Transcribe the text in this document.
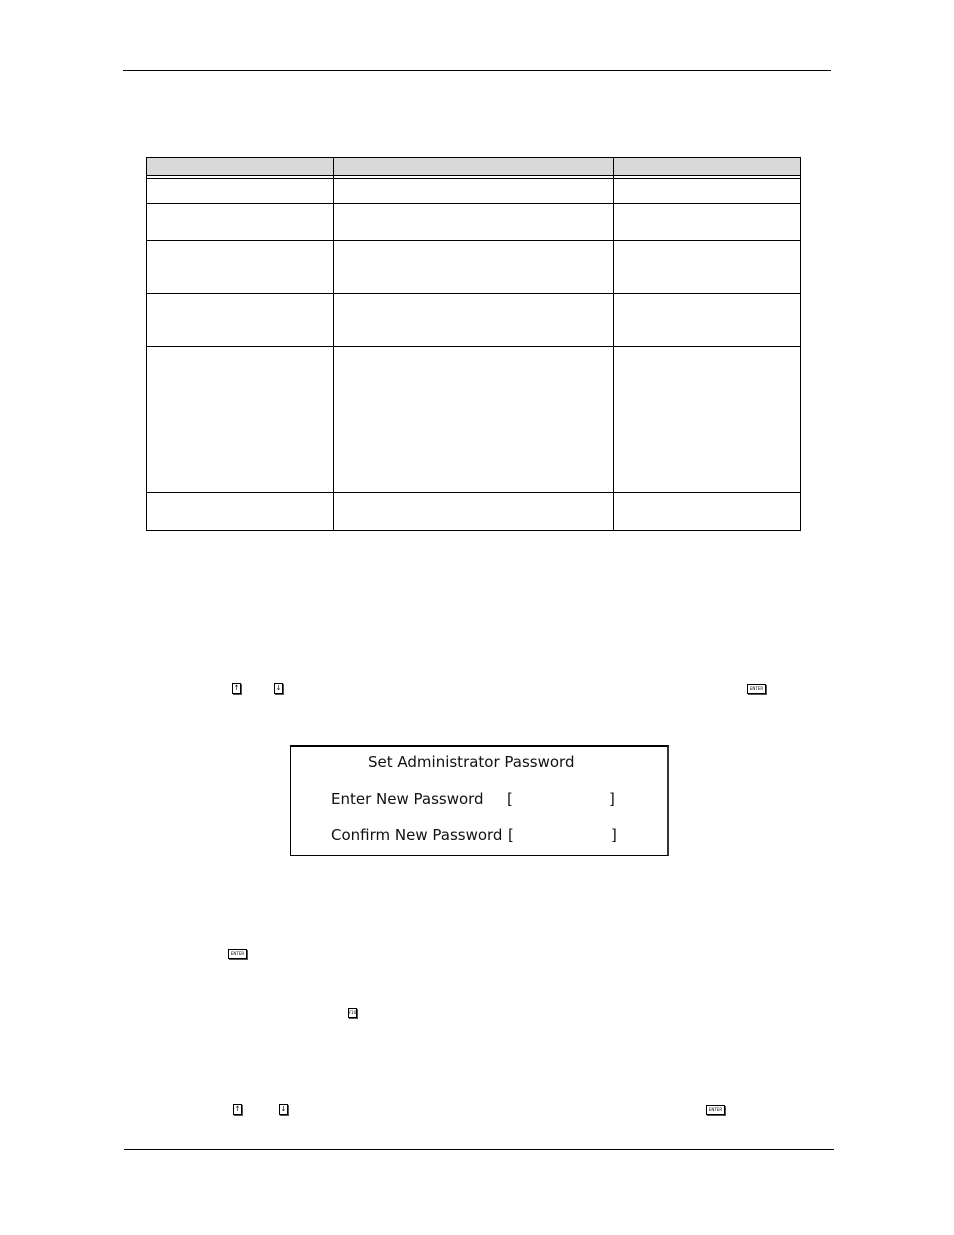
↑	↓	ENTER
Set Administrator Password
Enter New Password [	]
Confirm New Password [	]
ENTER
F10
↑	↓	ENTER
